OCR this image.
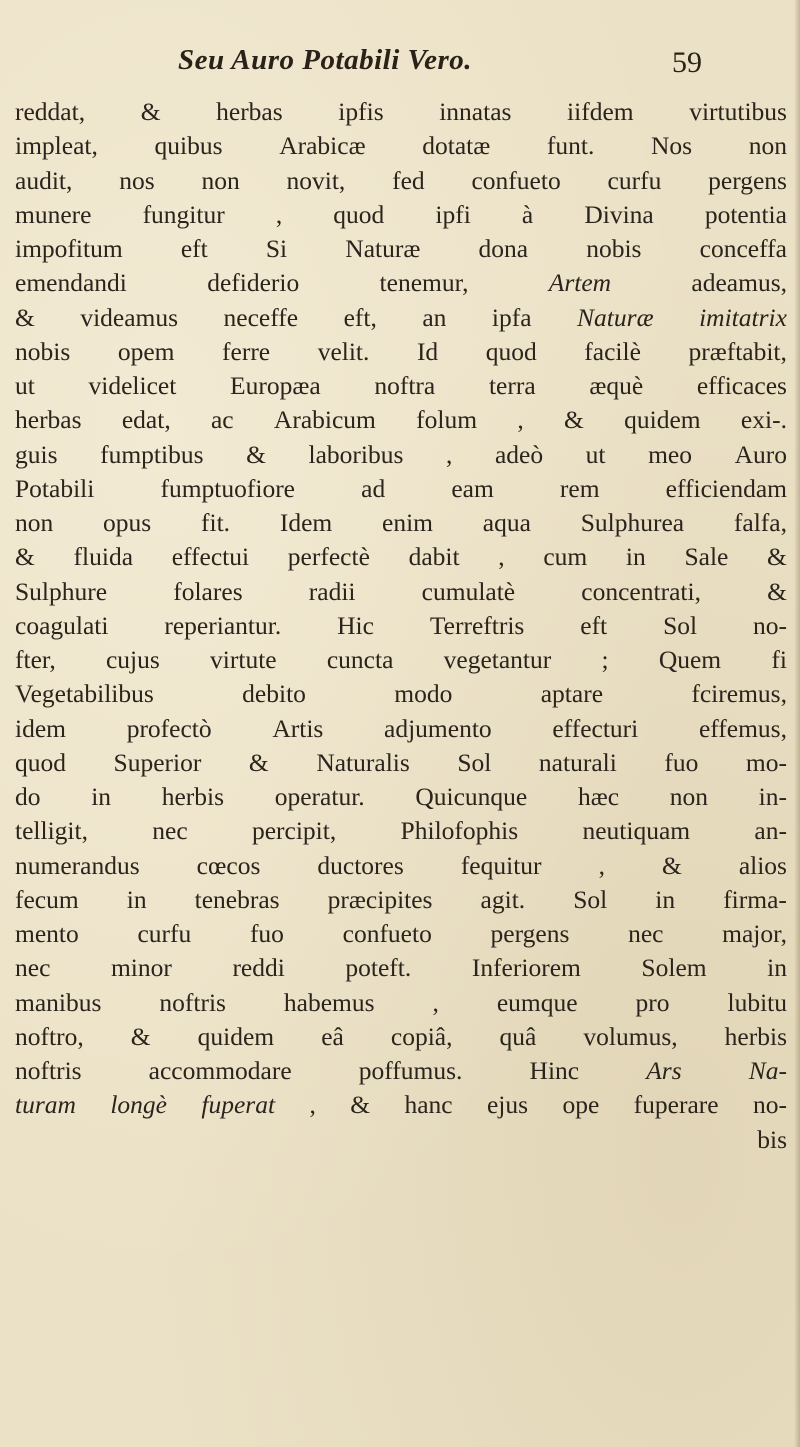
Seu Auro Potabili Vero.	59
reddat, & herbas ipfis innatas iifdem virtutibus
impleat, quibus Arabicæ dotatæ funt. Nos non
audit, nos non novit, fed confueto curfu pergens
munere fungitur , quod ipfi à Divina potentia
impofitum eft Si Naturæ dona nobis conceffa
emendandi	defiderio	tenemur,	Artem	adeamus,
& videamus neceffe eft, an ipfa Naturæ imitatrix
nobis opem ferre velit. Id quod facilè præftabit,
ut videlicet Europæa noftra terra æquè efficaces
herbas edat, ac Arabicum folum , & quidem exi-.
guis fumptibus & laboribus , adeò ut meo Auro
Potabili	fumptuofiore	ad	eam	rem	efficiendam
non opus fit. Idem enim aqua Sulphurea falfa,
& fluida effectui perfectè dabit , cum in Sale &
Sulphure	folares	radii	cumulatè	concentrati,	&
coagulati reperiantur. Hic Terreftris eft Sol no-
fter, cujus virtute cuncta vegetantur ; Quem fi
Vegetabilibus	debito	modo	aptare	fciremus,
idem profectò Artis adjumento effecturi effemus,
quod Superior & Naturalis Sol naturali fuo mo-
do in herbis operatur. Quicunque hæc non in-
telligit,	nec	percipit,	Philofophis	neutiquam	an-
numerandus cœcos ductores fequitur , & alios
fecum in tenebras præcipites agit. Sol in firma-
mento curfu fuo confueto pergens nec major,
nec minor reddi poteft. Inferiorem Solem in
manibus noftris habemus , eumque pro lubitu
noftro, & quidem eâ copiâ, quâ volumus, herbis
noftris	accommodare	poffumus.	Hinc	Ars	Na-
turam longè fuperat , & hanc ejus ope fuperare no-
bis
